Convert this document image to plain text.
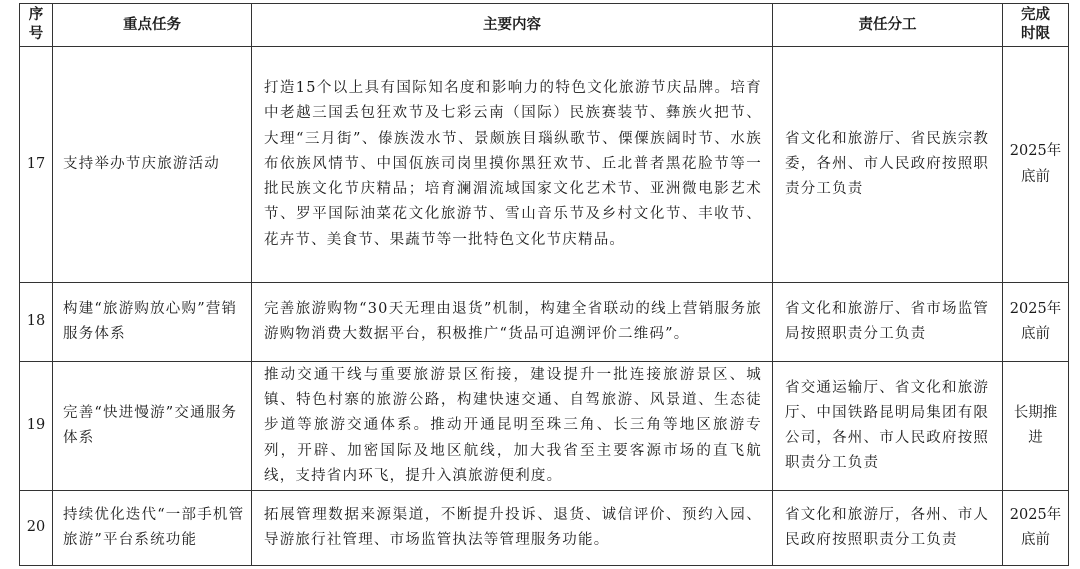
序号	重点任务	主要内容	责任分工	完成时限

17	支持举办节庆旅游活动	打造15个以上具有国际知名度和影响力的特色文化旅游节庆品牌。培育中老越三国丢包狂欢节及七彩云南（国际）民族赛装节、彝族火把节、大理“三月街”、傣族泼水节、景颇族目瑙纵歌节、傈僳族阔时节、水族布依族风情节、中国佤族司岗里摸你黑狂欢节、丘北普者黑花脸节等一批民族文化节庆精品；培育澜湄流域国家文化艺术节、亚洲微电影艺术节、罗平国际油菜花文化旅游节、雪山音乐节及乡村文化节、丰收节、花卉节、美食节、果蔬节等一批特色文化节庆精品。	省文化和旅游厅、省民族宗教委，各州、市人民政府按照职责分工负责	2025年底前
18	构建“旅游购放心购”营销服务体系	完善旅游购物“30天无理由退货”机制，构建全省联动的线上营销服务旅游购物消费大数据平台，积极推广“货品可追溯评价二维码”。	省文化和旅游厅、省市场监管局按照职责分工负责	2025年底前
19	完善“快进慢游”交通服务体系	推动交通干线与重要旅游景区衔接，建设提升一批连接旅游景区、城镇、特色村寨的旅游公路，构建快速交通、自驾旅游、风景道、生态徒步道等旅游交通体系。推动开通昆明至珠三角、长三角等地区旅游专列，开辟、加密国际及地区航线，加大我省至主要客源市场的直飞航线，支持省内环飞，提升入滇旅游便利度。	省交通运输厅、省文化和旅游厅、中国铁路昆明局集团有限公司，各州、市人民政府按照职责分工负责	长期推进
20	持续优化迭代“一部手机管旅游”平台系统功能	拓展管理数据来源渠道，不断提升投诉、退货、诚信评价、预约入园、导游旅行社管理、市场监管执法等管理服务功能。	省文化和旅游厅，各州、市人民政府按照职责分工负责	2025年底前
